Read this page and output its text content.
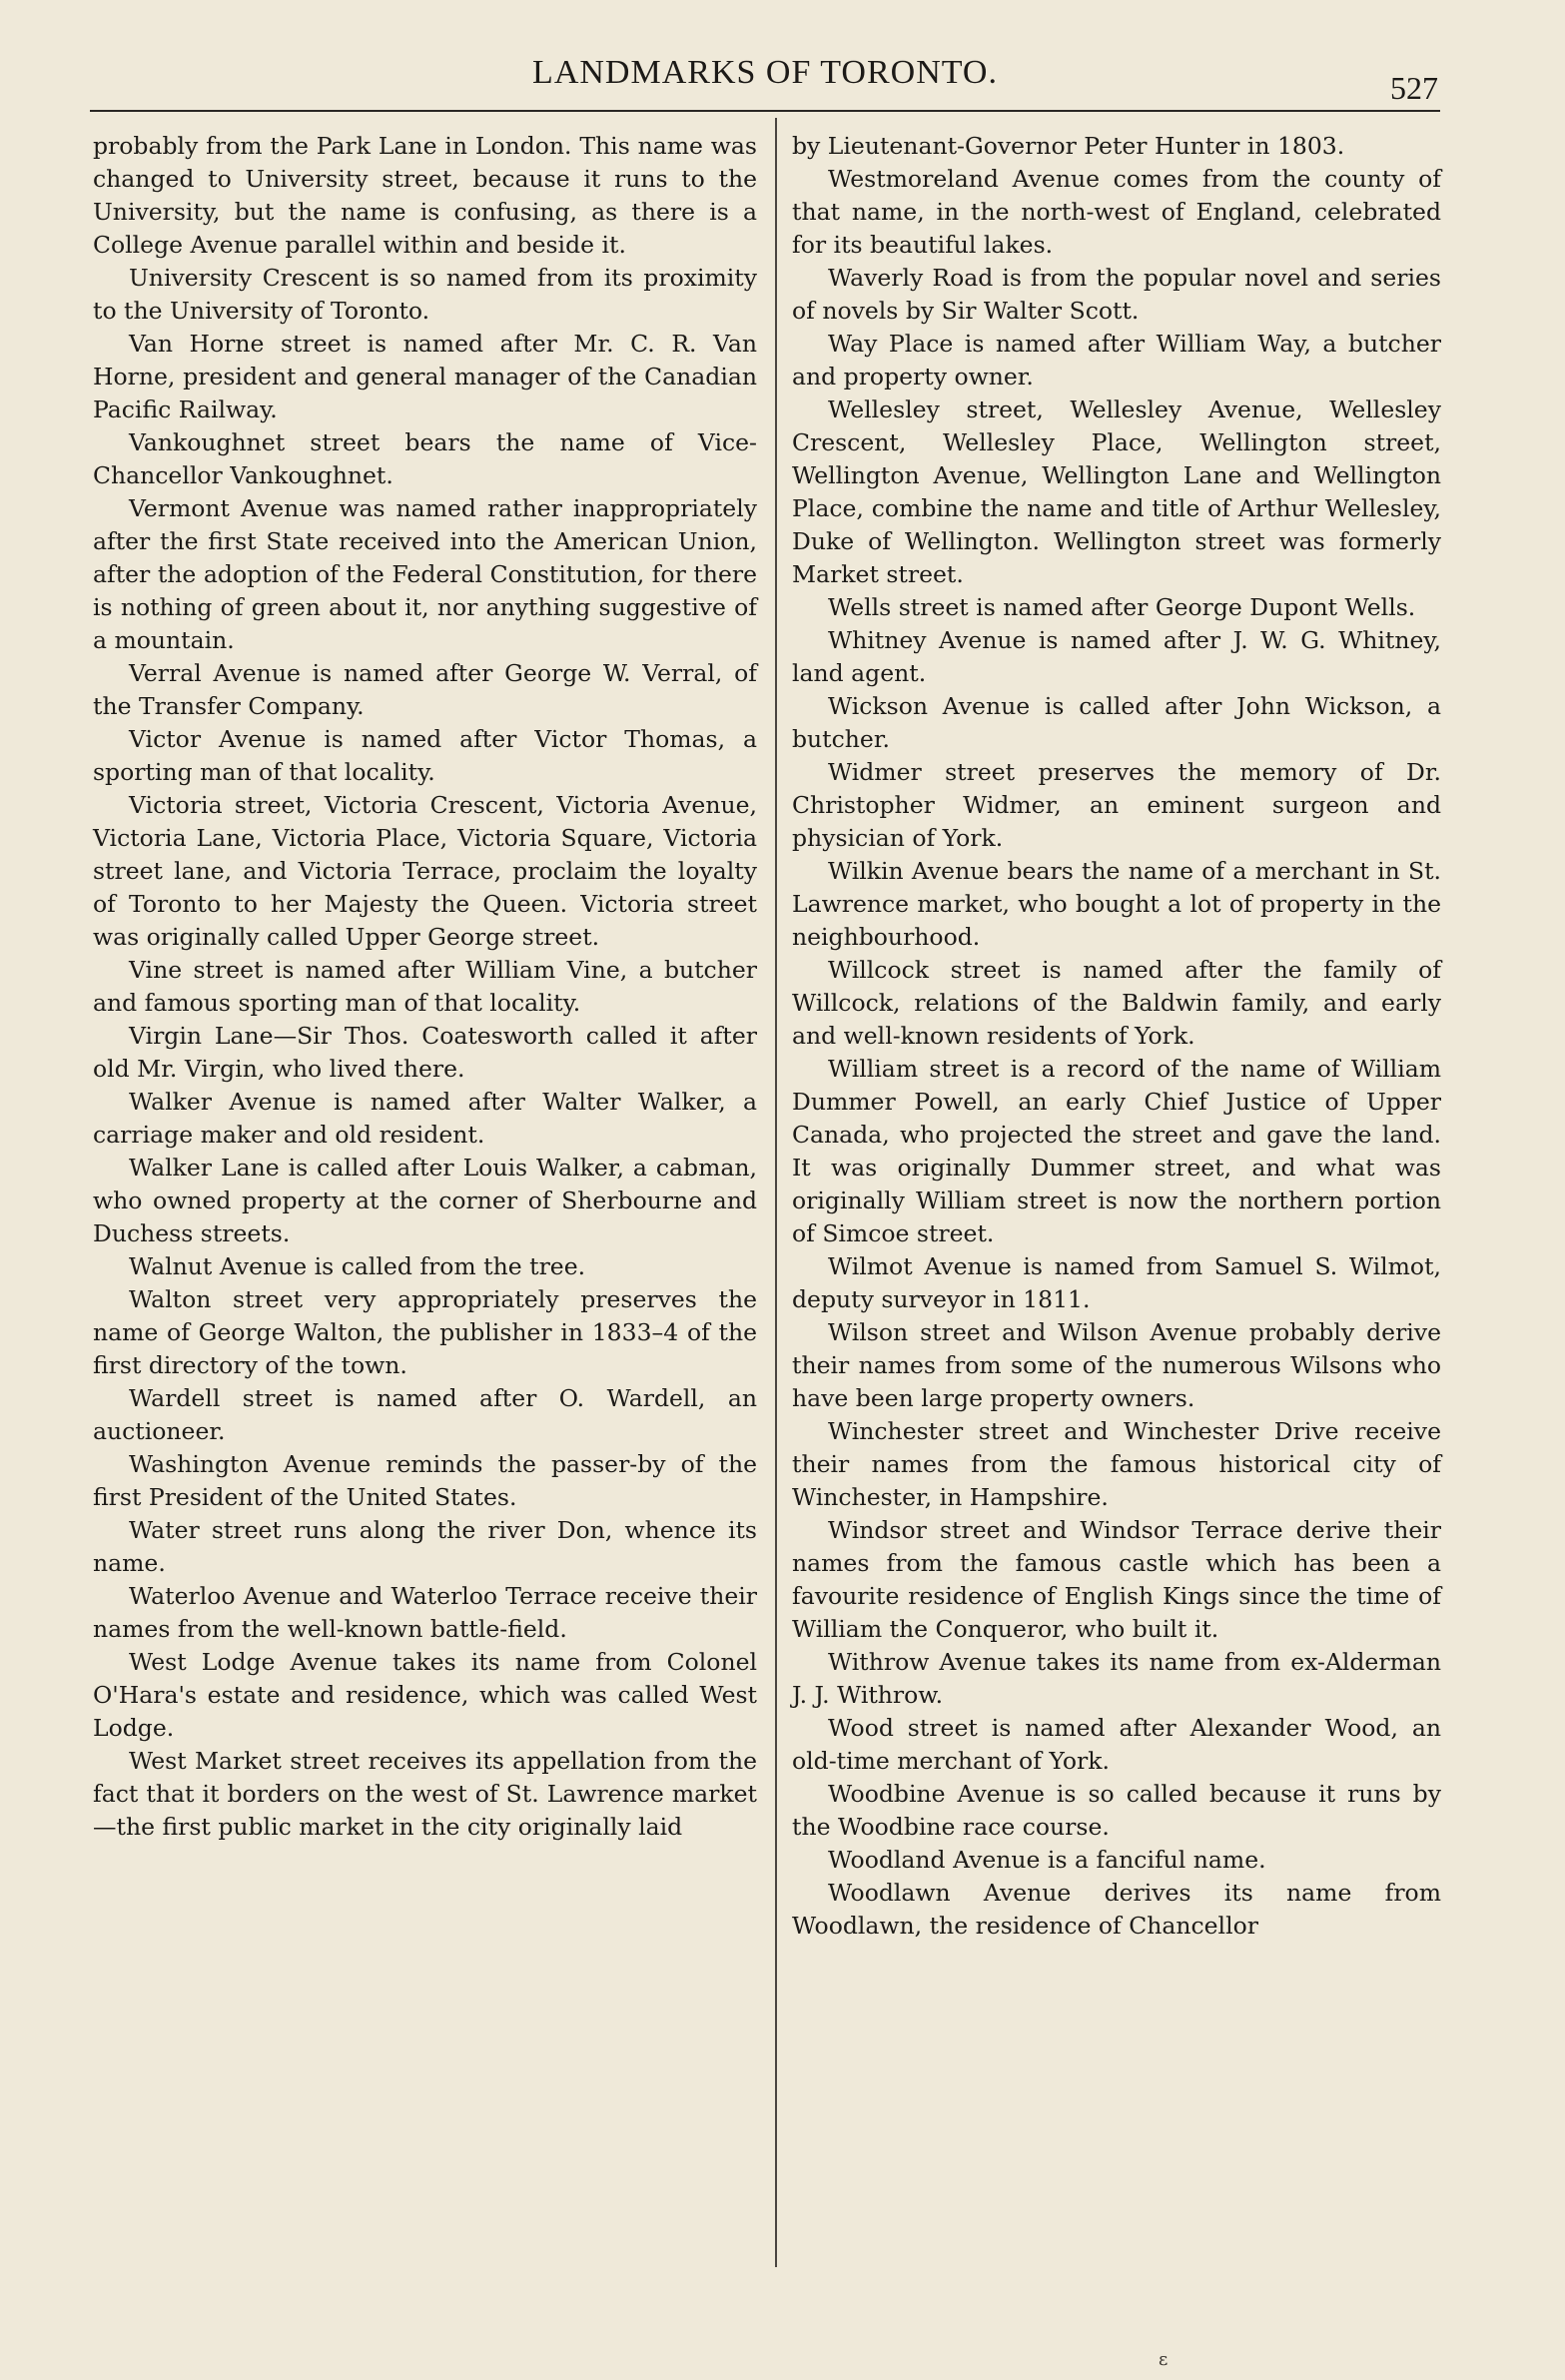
LANDMARKS OF TORONTO.	527

probably from the Park Lane in London. This name was changed to University street, because it runs to the University, but the name is confusing, as there is a College Avenue parallel within and beside it.

University Crescent is so named from its proximity to the University of Toronto.

Van Horne street is named after Mr. C. R. Van Horne, president and general manager of the Canadian Pacific Railway.

Vankoughnet street bears the name of Vice-Chancellor Vankoughnet.

Vermont Avenue was named rather inappropriately after the first State received into the American Union, after the adoption of the Federal Constitution, for there is nothing of green about it, nor anything suggestive of a mountain.

Verral Avenue is named after George W. Verral, of the Transfer Company.

Victor Avenue is named after Victor Thomas, a sporting man of that locality.

Victoria street, Victoria Crescent, Victoria Avenue, Victoria Lane, Victoria Place, Victoria Square, Victoria street lane, and Victoria Terrace, proclaim the loyalty of Toronto to her Majesty the Queen. Victoria street was originally called Upper George street.

Vine street is named after William Vine, a butcher and famous sporting man of that locality.

Virgin Lane—Sir Thos. Coatesworth called it after old Mr. Virgin, who lived there.

Walker Avenue is named after Walter Walker, a carriage maker and old resident.

Walker Lane is called after Louis Walker, a cabman, who owned property at the corner of Sherbourne and Duchess streets.

Walnut Avenue is called from the tree.

Walton street very appropriately preserves the name of George Walton, the publisher in 1833–4 of the first directory of the town.

Wardell street is named after O. Wardell, an auctioneer.

Washington Avenue reminds the passer-by of the first President of the United States.

Water street runs along the river Don, whence its name.

Waterloo Avenue and Waterloo Terrace receive their names from the well-known battle-field.

West Lodge Avenue takes its name from Colonel O'Hara's estate and residence, which was called West Lodge.

West Market street receives its appellation from the fact that it borders on the west of St. Lawrence market—the first public market in the city originally laid

by Lieutenant-Governor Peter Hunter in 1803.

Westmoreland Avenue comes from the county of that name, in the north-west of England, celebrated for its beautiful lakes.

Waverly Road is from the popular novel and series of novels by Sir Walter Scott.

Way Place is named after William Way, a butcher and property owner.

Wellesley street, Wellesley Avenue, Wellesley Crescent, Wellesley Place, Wellington street, Wellington Avenue, Wellington Lane and Wellington Place, combine the name and title of Arthur Wellesley, Duke of Wellington. Wellington street was formerly Market street.

Wells street is named after George Dupont Wells.

Whitney Avenue is named after J. W. G. Whitney, land agent.

Wickson Avenue is called after John Wickson, a butcher.

Widmer street preserves the memory of Dr. Christopher Widmer, an eminent surgeon and physician of York.

Wilkin Avenue bears the name of a merchant in St. Lawrence market, who bought a lot of property in the neighbourhood.

Willcock street is named after the family of Willcock, relations of the Baldwin family, and early and well-known residents of York.

William street is a record of the name of William Dummer Powell, an early Chief Justice of Upper Canada, who projected the street and gave the land. It was originally Dummer street, and what was originally William street is now the northern portion of Simcoe street.

Wilmot Avenue is named from Samuel S. Wilmot, deputy surveyor in 1811.

Wilson street and Wilson Avenue probably derive their names from some of the numerous Wilsons who have been large property owners.

Winchester street and Winchester Drive receive their names from the famous historical city of Winchester, in Hampshire.

Windsor street and Windsor Terrace derive their names from the famous castle which has been a favourite residence of English Kings since the time of William the Conqueror, who built it.

Withrow Avenue takes its name from ex-Alderman J. J. Withrow.

Wood street is named after Alexander Wood, an old-time merchant of York.

Woodbine Avenue is so called because it runs by the Woodbine race course.

Woodland Avenue is a fanciful name.

Woodlawn Avenue derives its name from Woodlawn, the residence of Chancellor

ɛ
